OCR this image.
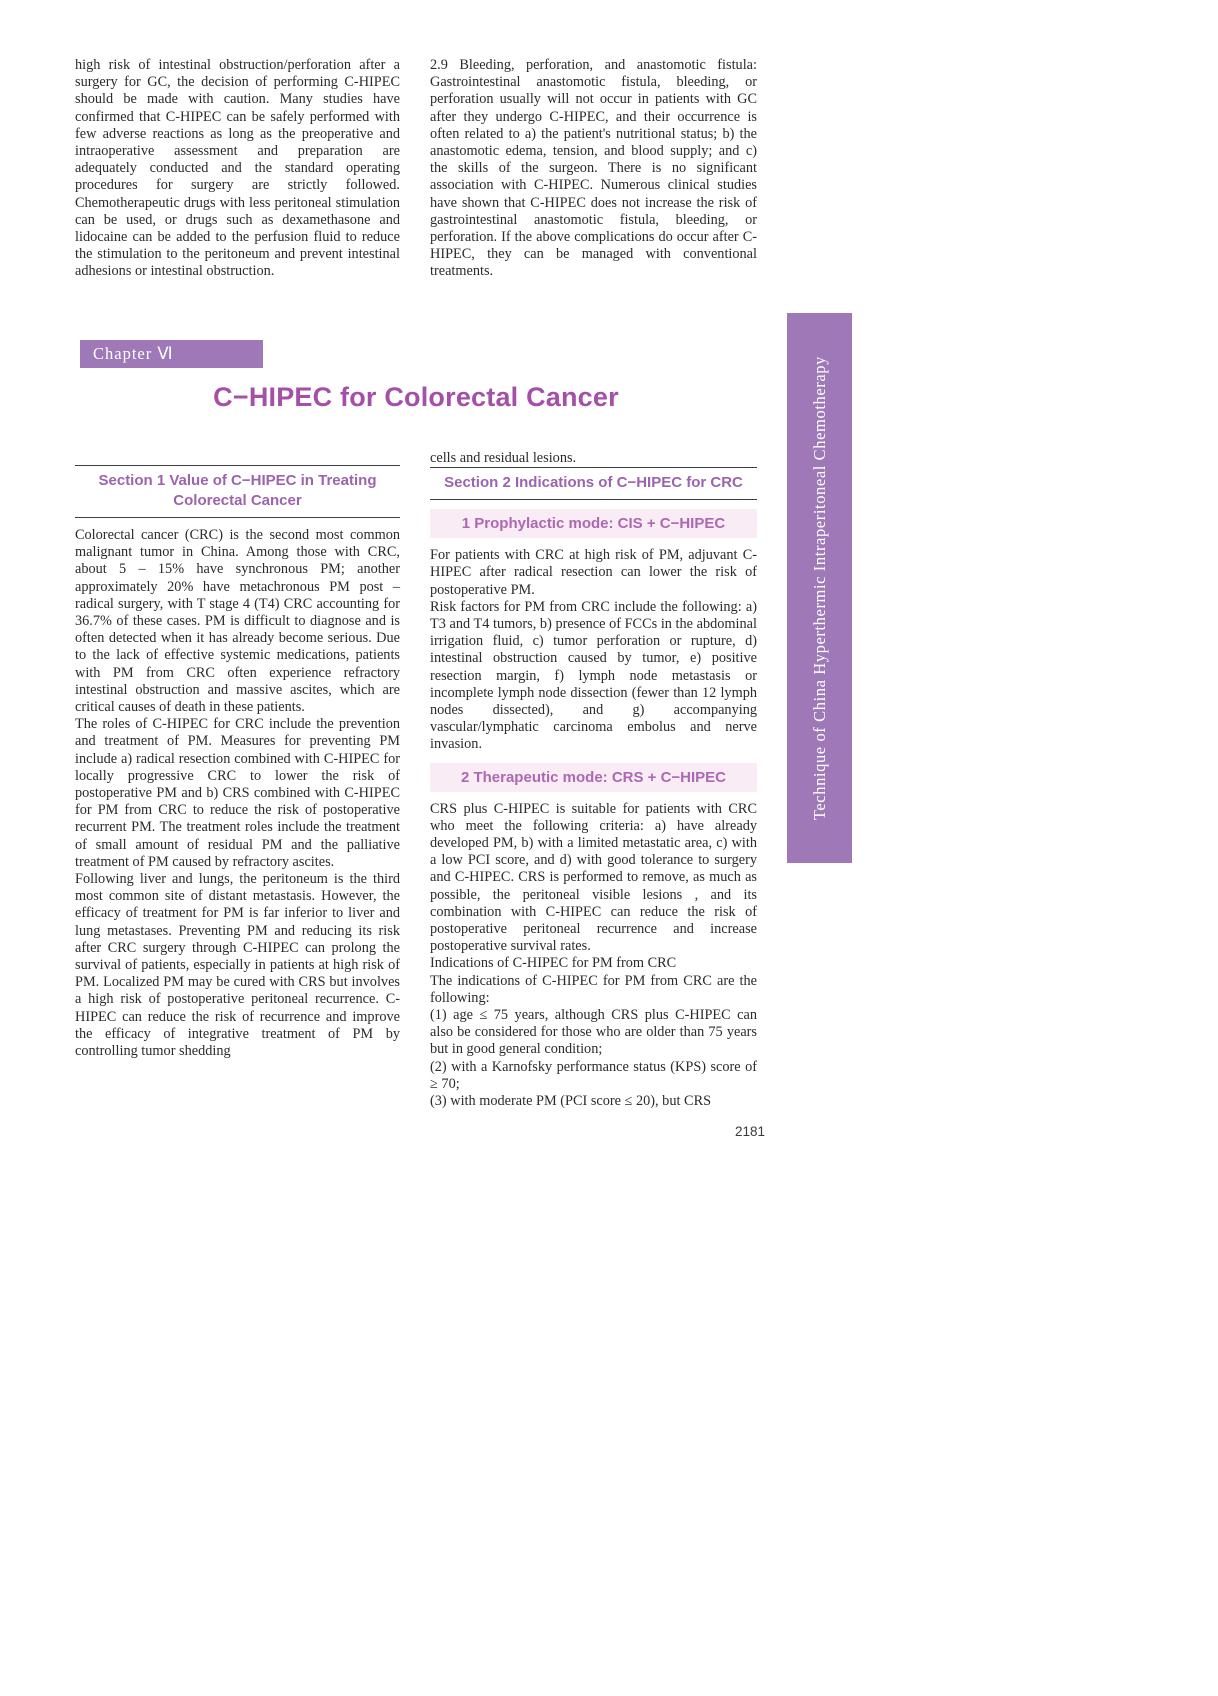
high risk of intestinal obstruction/perforation after a surgery for GC, the decision of performing C-HIPEC should be made with caution. Many studies have confirmed that C-HIPEC can be safely performed with few adverse reactions as long as the preoperative and intraoperative assessment and preparation are adequately conducted and the standard operating procedures for surgery are strictly followed. Chemotherapeutic drugs with less peritoneal stimulation can be used, or drugs such as dexamethasone and lidocaine can be added to the perfusion fluid to reduce the stimulation to the peritoneum and prevent intestinal adhesions or intestinal obstruction.

2.9 Bleeding, perforation, and anastomotic fistula: Gastrointestinal anastomotic fistula, bleeding, or perforation usually will not occur in patients with GC after they undergo C-HIPEC, and their occurrence is often related to a) the patient's nutritional status; b) the anastomotic edema, tension, and blood supply; and c) the skills of the surgeon. There is no significant association with C-HIPEC. Numerous clinical studies have shown that C-HIPEC does not increase the risk of gastrointestinal anastomotic fistula, bleeding, or perforation. If the above complications do occur after C-HIPEC, they can be managed with conventional treatments.

Chapter Ⅵ
C−HIPEC for Colorectal Cancer
Section 1 Value of C−HIPEC in Treating Colorectal Cancer

Colorectal cancer (CRC) is the second most common malignant tumor in China. Among those with CRC, about 5 – 15% have synchronous PM; another approximately 20% have metachronous PM post – radical surgery, with T stage 4 (T4) CRC accounting for 36.7% of these cases. PM is difficult to diagnose and is often detected when it has already become serious. Due to the lack of effective systemic medications, patients with PM from CRC often experience refractory intestinal obstruction and massive ascites, which are critical causes of death in these patients.

The roles of C-HIPEC for CRC include the prevention and treatment of PM. Measures for preventing PM include a) radical resection combined with C-HIPEC for locally progressive CRC to lower the risk of postoperative PM and b) CRS combined with C-HIPEC for PM from CRC to reduce the risk of postoperative recurrent PM. The treatment roles include the treatment of small amount of residual PM and the palliative treatment of PM caused by refractory ascites.

Following liver and lungs, the peritoneum is the third most common site of distant metastasis. However, the efficacy of treatment for PM is far inferior to liver and lung metastases. Preventing PM and reducing its risk after CRC surgery through C-HIPEC can prolong the survival of patients, especially in patients at high risk of PM. Localized PM may be cured with CRS but involves a high risk of postoperative peritoneal recurrence. C-HIPEC can reduce the risk of recurrence and improve the efficacy of integrative treatment of PM by controlling tumor shedding

cells and residual lesions.

Section 2 Indications of C−HIPEC for CRC
1 Prophylactic mode: CIS + C−HIPEC

For patients with CRC at high risk of PM, adjuvant C-HIPEC after radical resection can lower the risk of postoperative PM.

Risk factors for PM from CRC include the following: a) T3 and T4 tumors, b) presence of FCCs in the abdominal irrigation fluid, c) tumor perforation or rupture, d) intestinal obstruction caused by tumor, e) positive resection margin, f) lymph node metastasis or incomplete lymph node dissection (fewer than 12 lymph nodes dissected), and g) accompanying vascular/lymphatic carcinoma embolus and nerve invasion.

2 Therapeutic mode: CRS + C−HIPEC

CRS plus C-HIPEC is suitable for patients with CRC who meet the following criteria: a) have already developed PM, b) with a limited metastatic area, c) with a low PCI score, and d) with good tolerance to surgery and C-HIPEC. CRS is performed to remove, as much as possible, the peritoneal visible lesions , and its combination with C-HIPEC can reduce the risk of postoperative peritoneal recurrence and increase postoperative survival rates.

Indications of C-HIPEC for PM from CRC

The indications of C-HIPEC for PM from CRC are the following:

(1) age ≤ 75 years, although CRS plus C-HIPEC can also be considered for those who are older than 75 years but in good general condition;

(2) with a Karnofsky performance status (KPS) score of ≥ 70;

(3) with moderate PM (PCI score ≤ 20), but CRS

Technique of China Hyperthermic Intraperitoneal Chemotherapy
2181
